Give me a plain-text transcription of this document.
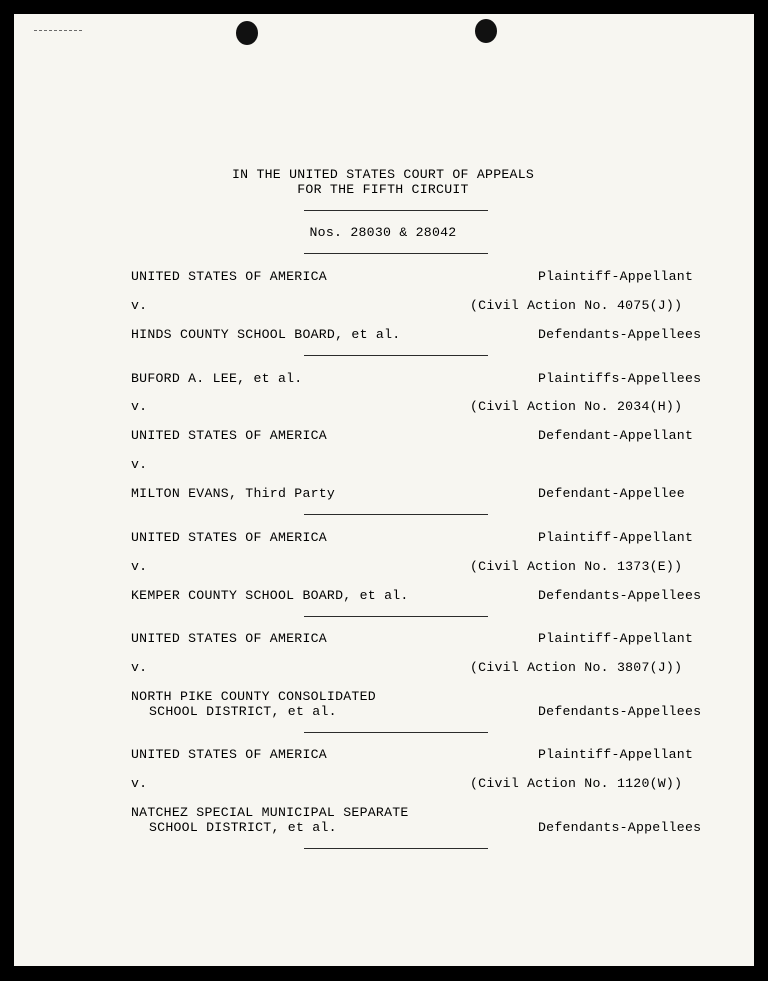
IN THE UNITED STATES COURT OF APPEALS
FOR THE FIFTH CIRCUIT
Nos. 28030 & 28042
UNITED STATES OF AMERICA	Plaintiff-Appellant
v.	(Civil Action No. 4075(J))
HINDS COUNTY SCHOOL BOARD, et al.	Defendants-Appellees
BUFORD A. LEE, et al.	Plaintiffs-Appellees
v.	(Civil Action No. 2034(H))
UNITED STATES OF AMERICA	Defendant-Appellant
v.
MILTON EVANS, Third Party	Defendant-Appellee
UNITED STATES OF AMERICA	Plaintiff-Appellant
v.	(Civil Action No. 1373(E))
KEMPER COUNTY SCHOOL BOARD, et al.	Defendants-Appellees
UNITED STATES OF AMERICA	Plaintiff-Appellant
v.	(Civil Action No. 3807(J))
NORTH PIKE COUNTY CONSOLIDATED
SCHOOL DISTRICT, et al.	Defendants-Appellees
UNITED STATES OF AMERICA	Plaintiff-Appellant
v.	(Civil Action No. 1120(W))
NATCHEZ SPECIAL MUNICIPAL SEPARATE
SCHOOL DISTRICT, et al.	Defendants-Appellees
